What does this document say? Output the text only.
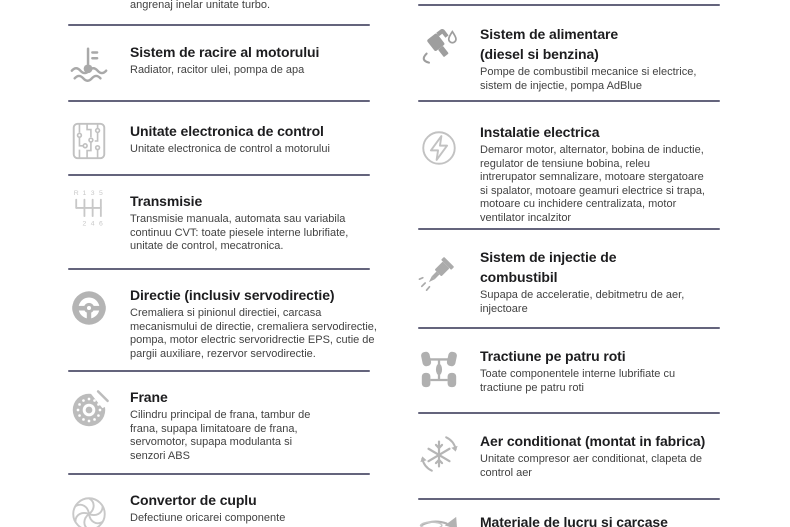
angrenaj inelar unitate turbo.
Sistem de racire al motorului
Radiator, racitor ulei, pompa de apa
Unitate electronica de control
Unitate electronica de control a motorului
R 1 3 5
2 4 6
Transmisie
Transmisie manuala, automata sau variabila
continuu CVT: toate piesele interne lubrifiate,
unitate de control, mecatronica.
Directie (inclusiv servodirectie)
Cremaliera si pinionul directiei, carcasa
mecanismului de directie, cremaliera servodirectie,
pompa, motor electric servoridrectie EPS, cutie de
pargii auxiliare, rezervor servodirectie.
Frane
Cilindru principal de frana, tambur de
frana, supapa limitatoare de frana,
servomotor, supapa modulanta si
senzori ABS
Convertor de cuplu
Defectiune oricarei componente
Sistem de alimentare
(diesel si benzina)
Pompe de combustibil mecanice si electrice,
sistem de injectie, pompa AdBlue
Instalatie electrica
Demaror motor, alternator, bobina de inductie,
regulator de tensiune bobina, releu
intrerupator semnalizare, motoare stergatoare
si spalator, motoare geamuri electrice si trapa,
motoare cu inchidere centralizata, motor
ventilator incalzitor
Sistem de injectie de
combustibil
Supapa de acceleratie, debitmetru de aer,
injectoare
Tractiune pe patru roti
Toate componentele interne lubrifiate cu
tractiune pe patru roti
Aer conditionat (montat in fabrica)
Unitate compresor aer conditionat, clapeta de
control aer
Materiale de lucru si carcase
